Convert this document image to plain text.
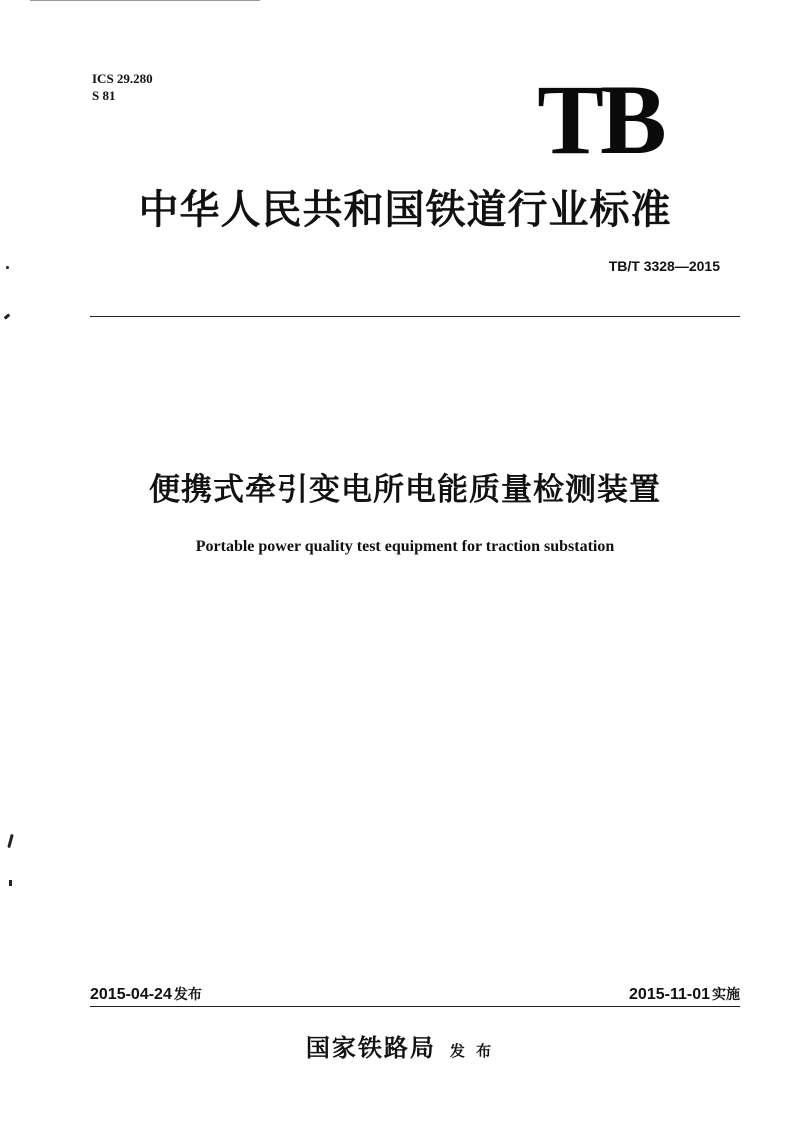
ICS 29.280
S 81	TB
中华人民共和国铁道行业标准
TB/T 3328—2015
便携式牵引变电所电能质量检测装置
Portable power quality test equipment for traction substation
2015-04-24 发布	2015-11-01 实施
国家铁路局 发 布
